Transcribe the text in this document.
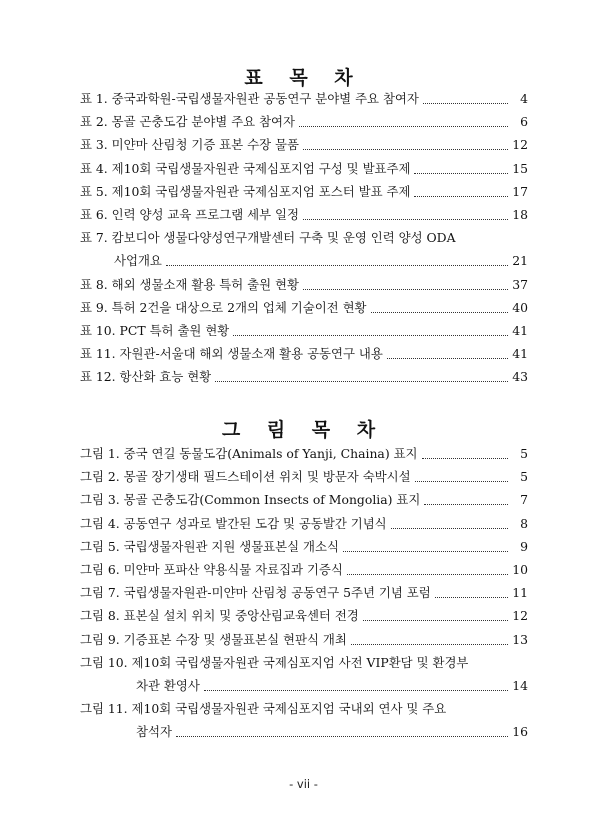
표 목 차
표 1. 중국과학원-국립생물자원관 공동연구 분야별 주요 참여자	4
표 2. 몽골 곤충도감 분야별 주요 참여자	6
표 3. 미얀마 산림청 기증 표본 수장 물품	12
표 4. 제10회 국립생물자원관 국제심포지엄 구성 및 발표주제	15
표 5. 제10회 국립생물자원관 국제심포지엄 포스터 발표 주제	17
표 6. 인력 양성 교육 프로그램 세부 일정	18
표 7. 캄보디아 생물다양성연구개발센터 구축 및 운영 인력 양성 ODA
사업개요	21
표 8. 해외 생물소재 활용 특허 출원 현황	37
표 9. 특허 2건을 대상으로 2개의 업체 기술이전 현황	40
표 10. PCT 특허 출원 현황	41
표 11. 자원관-서울대 해외 생물소재 활용 공동연구 내용	41
표 12. 항산화 효능 현황	43
그 림 목 차
그림 1. 중국 연길 동물도감(Animals of Yanji, Chaina) 표지	5
그림 2. 몽골 장기생태 필드스테이션 위치 및 방문자 숙박시설	5
그림 3. 몽골 곤충도감(Common Insects of Mongolia) 표지	7
그림 4. 공동연구 성과로 발간된 도감 및 공동발간 기념식	8
그림 5. 국립생물자원관 지원 생물표본실 개소식	9
그림 6. 미얀마 포파산 약용식물 자료집과 기증식	10
그림 7. 국립생물자원관-미얀마 산림청 공동연구 5주년 기념 포럼	11
그림 8. 표본실 설치 위치 및 중앙산림교육센터 전경	12
그림 9. 기증표본 수장 및 생물표본실 현판식 개최	13
그림 10. 제10회 국립생물자원관 국제심포지엄 사전 VIP환담 및 환경부
차관 환영사	14
그림 11. 제10회 국립생물자원관 국제심포지엄 국내외 연사 및 주요
참석자	16
- vii -
